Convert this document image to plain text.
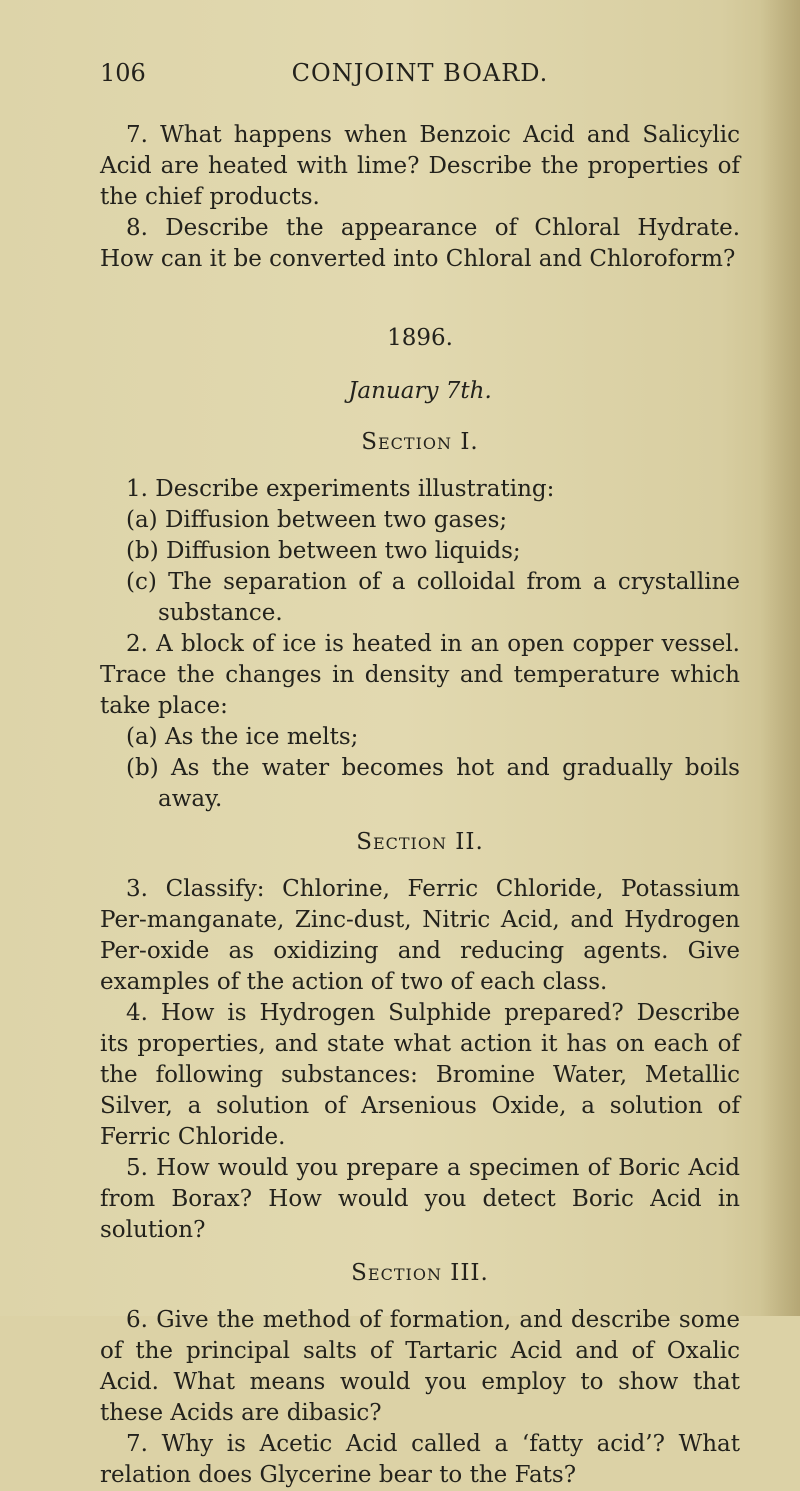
106	CONJOINT BOARD.

7. What happens when Benzoic Acid and Salicylic Acid are heated with lime? Describe the properties of the chief products.

8. Describe the appearance of Chloral Hydrate. How can it be converted into Chloral and Chloroform?

1896.

January 7th.

Section I.

1. Describe experiments illustrating:

(a) Diffusion between two gases;

(b) Diffusion between two liquids;

(c) The separation of a colloidal from a crystalline substance.

2. A block of ice is heated in an open copper vessel. Trace the changes in density and temperature which take place:

(a) As the ice melts;

(b) As the water becomes hot and gradually boils away.

Section II.

3. Classify: Chlorine, Ferric Chloride, Potassium Per-manganate, Zinc-dust, Nitric Acid, and Hydrogen Per-oxide as oxidizing and reducing agents. Give examples of the action of two of each class.

4. How is Hydrogen Sulphide prepared? Describe its properties, and state what action it has on each of the following substances: Bromine Water, Metallic Silver, a solution of Arsenious Oxide, a solution of Ferric Chloride.

5. How would you prepare a specimen of Boric Acid from Borax? How would you detect Boric Acid in solution?

Section III.

6. Give the method of formation, and describe some of the principal salts of Tartaric Acid and of Oxalic Acid. What means would you employ to show that these Acids are dibasic?

7. Why is Acetic Acid called a ‘fatty acid’? What relation does Glycerine bear to the Fats?
